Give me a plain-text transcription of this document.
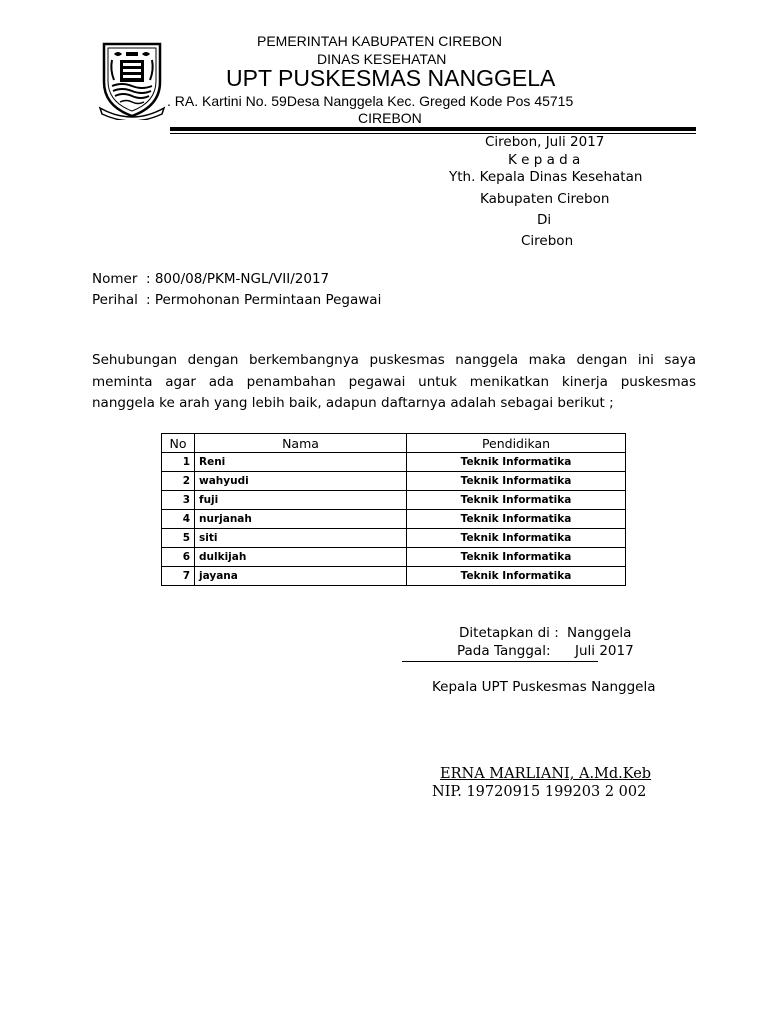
PEMERINTAH KABUPATEN CIREBON
DINAS KESEHATAN
UPT PUSKESMAS NANGGELA
. RA. Kartini No. 59Desa Nanggela Kec. Greged Kode Pos 45715
CIREBON
Cirebon, Juli 2017
K e p a d a
Yth. Kepala Dinas Kesehatan
Kabupaten Cirebon
Di
Cirebon
Nomer : 800/08/PKM-NGL/VII/2017
Perihal : Permohonan Permintaan Pegawai
Sehubungan dengan berkembangnya puskesmas nanggela maka dengan ini saya
meminta agar ada penambahan pegawai untuk menikatkan kinerja puskesmas
nanggela ke arah yang lebih baik, adapun daftarnya adalah sebagai berikut ;
No	Nama	Pendidikan
1	Reni	Teknik Informatika
2	wahyudi	Teknik Informatika
3	fuji	Teknik Informatika
4	nurjanah	Teknik Informatika
5	siti	Teknik Informatika
6	dulkijah	Teknik Informatika
7	jayana	Teknik Informatika
Ditetapkan di : Nanggela
Pada Tanggal: Juli 2017
Kepala UPT Puskesmas Nanggela
ERNA MARLIANI, A.Md.Keb
NIP. 19720915 199203 2 002
